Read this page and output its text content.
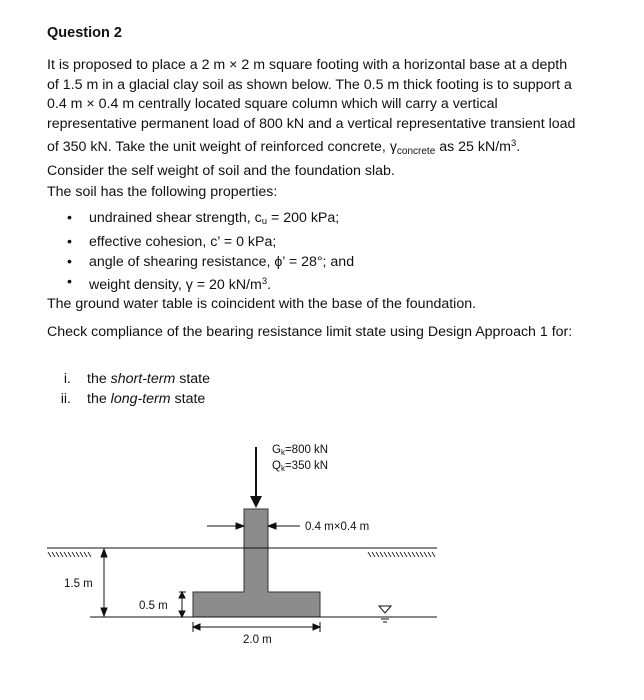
Question 2

It is proposed to place a 2 m × 2 m square footing with a horizontal base at a depth of 1.5 m in a glacial clay soil as shown below. The 0.5 m thick footing is to support a 0.4 m × 0.4 m centrally located square column which will carry a vertical representative permanent load of 800 kN and a vertical representative transient load of 350 kN. Take the unit weight of reinforced concrete, $\gamma_{concrete}$ as 25 $kN/m^3$. Consider the self weight of soil and the foundation slab.

The soil has the following properties:

• undrained shear strength, $c_u = 200$ kPa;
• effective cohesion, c’ = 0 kPa;
• angle of shearing resistance, ϕ’ = 28°; and
• weight density, γ = 20 $kN/m^3$.

The ground water table is coincident with the base of the foundation.

Check compliance of the bearing resistance limit state using Design Approach 1 for:

i. the short-term state
ii. the long-term state
Gk=800 kN
Qk=350 kN
0.4 m×0.4 m
1.5 m
0.5 m
2.0 m
